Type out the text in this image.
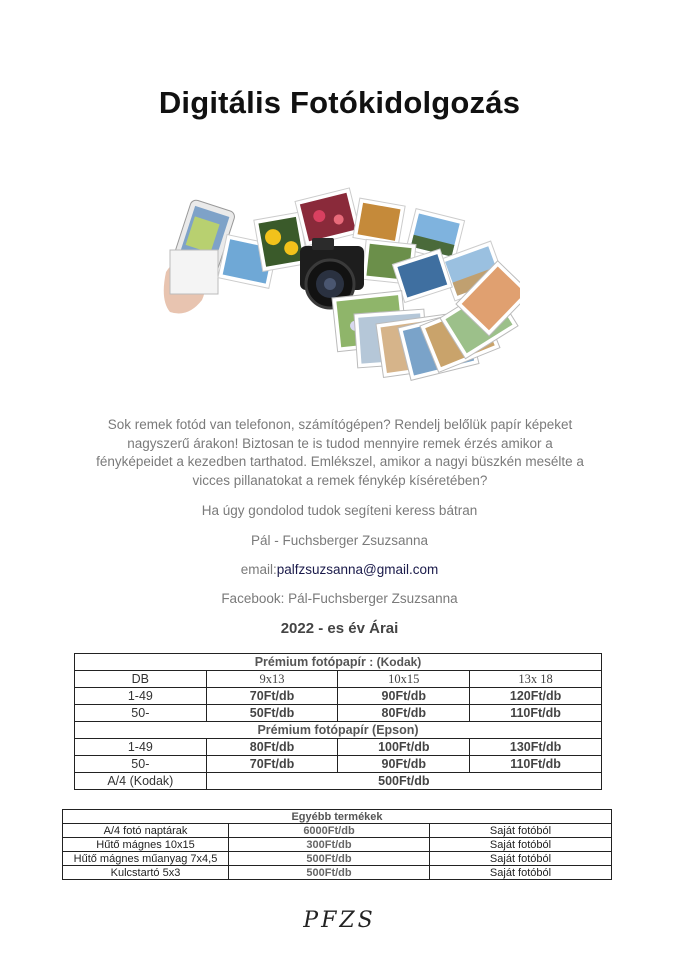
Digitális Fotókidolgozás
Sok remek fotód van telefonon, számítógépen? Rendelj belőlük papír képeket nagyszerű árakon! Biztosan te is tudod mennyire remek érzés amikor a fényképeidet a kezedben tarthatod. Emlékszel, amikor a nagyi büszkén mesélte a vicces pillanatokat a remek fénykép kíséretében?
Ha úgy gondolod tudok segíteni keress bátran
Pál - Fuchsberger Zsuzsanna
email:palfzsuzsanna@gmail.com
Facebook: Pál-Fuchsberger Zsuzsanna
2022 - es év Árai
Prémium fotópapír : (Kodak)			
DB	9x13	10x15	13x 18
1-49	70Ft/db	90Ft/db	120Ft/db
50-	50Ft/db	80Ft/db	110Ft/db
Prémium fotópapír (Epson)			
1-49	80Ft/db	100Ft/db	130Ft/db
50-	70Ft/db	90Ft/db	110Ft/db
A/4 (Kodak)	500Ft/db		
Egyébb termékek		
A/4 fotó naptárak	6000Ft/db	Saját fotóból
Hűtő mágnes 10x15	300Ft/db	Saját fotóból
Hűtő mágnes műanyag 7x4,5	500Ft/db	Saját fotóból
Kulcstartó 5x3	500Ft/db	Saját fotóból
PFZS
